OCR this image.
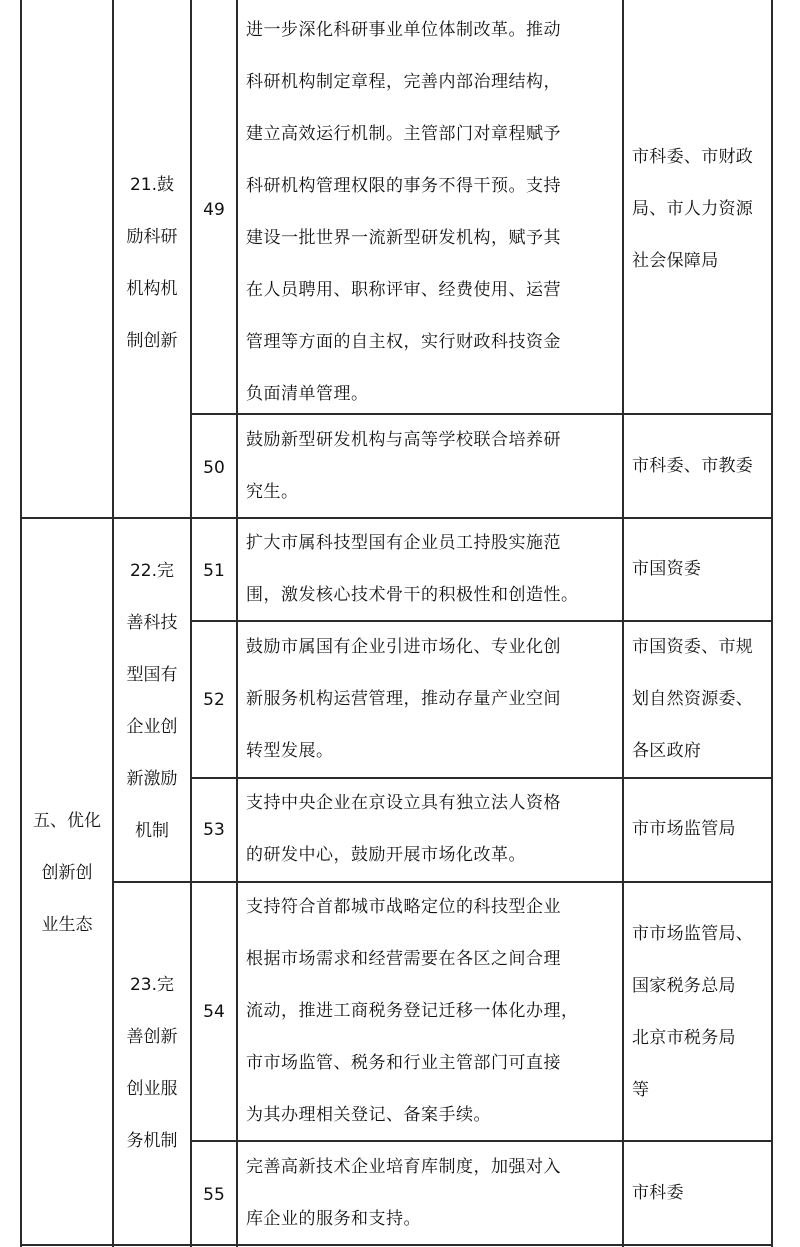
五、优化
创新创
业生态
21.鼓
励科研
机构机
制创新
22.完
善科技
型国有
企业创
新激励
机制
23.完
善创新
创业服
务机制
49
进一步深化科研事业单位体制改革。推动
科研机构制定章程，完善内部治理结构，
建立高效运行机制。主管部门对章程赋予
科研机构管理权限的事务不得干预。支持
建设一批世界一流新型研发机构，赋予其
在人员聘用、职称评审、经费使用、运营
管理等方面的自主权，实行财政科技资金
负面清单管理。
市科委、市财政
局、市人力资源
社会保障局
50
鼓励新型研发机构与高等学校联合培养研
究生。
市科委、市教委
51
扩大市属科技型国有企业员工持股实施范
围，激发核心技术骨干的积极性和创造性。
市国资委
52
鼓励市属国有企业引进市场化、专业化创
新服务机构运营管理，推动存量产业空间
转型发展。
市国资委、市规
划自然资源委、
各区政府
53
支持中央企业在京设立具有独立法人资格
的研发中心，鼓励开展市场化改革。
市市场监管局
54
支持符合首都城市战略定位的科技型企业
根据市场需求和经营需要在各区之间合理
流动，推进工商税务登记迁移一体化办理，
市市场监管、税务和行业主管部门可直接
为其办理相关登记、备案手续。
市市场监管局、
国家税务总局
北京市税务局
等
55
完善高新技术企业培育库制度，加强对入
库企业的服务和支持。
市科委
